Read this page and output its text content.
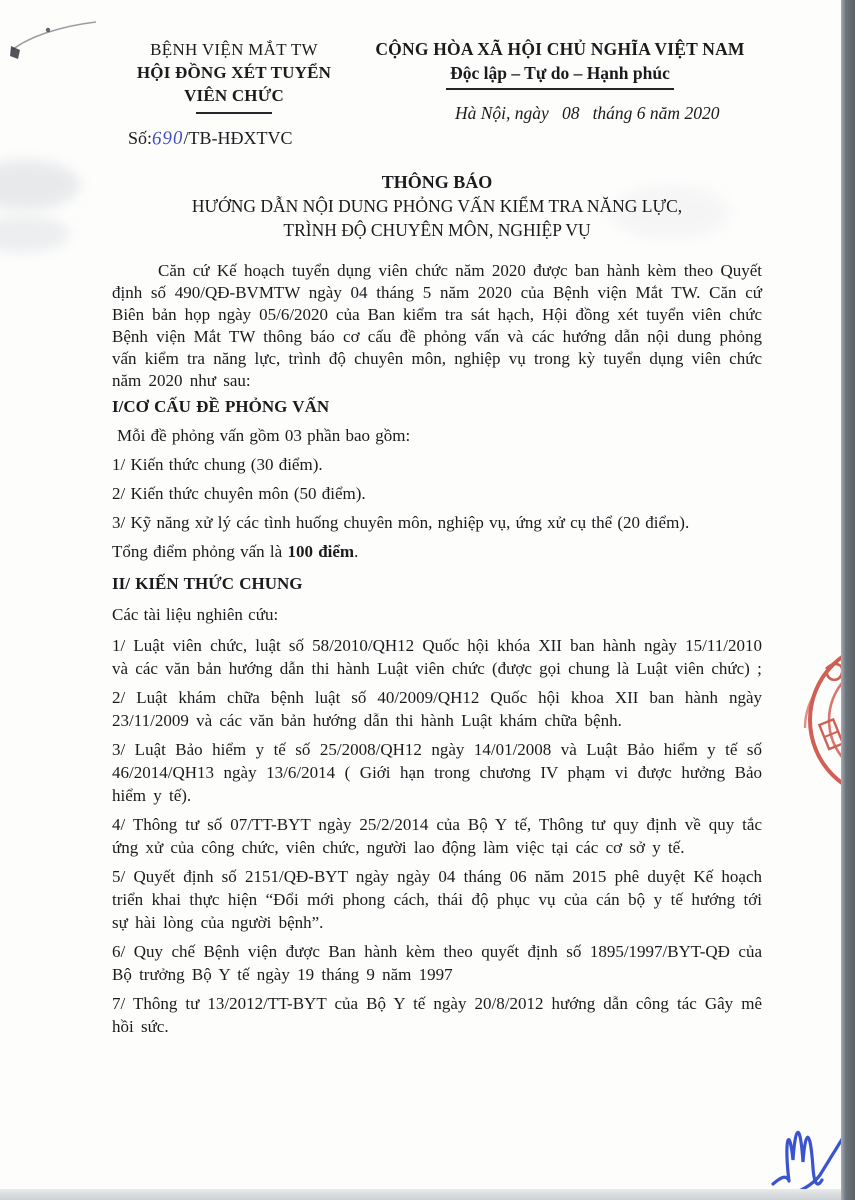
BỆNH VIỆN MẮT TW
HỘI ĐỒNG XÉT TUYỂN
VIÊN CHỨC
Số:690/TB-HĐXTVC
CỘNG HÒA XÃ HỘI CHỦ NGHĨA VIỆT NAM
Độc lập – Tự do – Hạnh phúc
Hà Nội, ngày   08   tháng 6 năm 2020
THÔNG BÁO
HƯỚNG DẪN NỘI DUNG PHỎNG VẤN KIỂM TRA NĂNG LỰC,
TRÌNH ĐỘ CHUYÊN MÔN, NGHIỆP VỤ

Căn cứ Kế hoạch tuyển dụng viên chức năm 2020 được ban hành kèm theo Quyết định số 490/QĐ-BVMTW ngày 04 tháng 5 năm 2020 của Bệnh viện Mắt TW. Căn cứ Biên bản họp ngày 05/6/2020 của Ban kiểm tra sát hạch, Hội đồng xét tuyển viên chức Bệnh viện Mắt TW thông báo cơ cấu đề phỏng vấn và các hướng dẫn nội dung phỏng vấn kiểm tra năng lực, trình độ chuyên môn, nghiệp vụ trong kỳ tuyển dụng viên chức năm 2020 như sau:

I/CƠ CẤU ĐỀ PHỎNG VẤN

Mỗi đề phỏng vấn gồm 03 phần bao gồm:

1/ Kiến thức chung (30 điểm).

2/ Kiến thức chuyên môn (50 điểm).

3/ Kỹ năng xử lý các tình huống chuyên môn, nghiệp vụ, ứng xử cụ thể (20 điểm).

Tổng điểm phỏng vấn là 100 điểm.

II/ KIẾN THỨC CHUNG

Các tài liệu nghiên cứu:

1/ Luật viên chức, luật số 58/2010/QH12 Quốc hội khóa XII ban hành ngày 15/11/2010 và các văn bản hướng dẫn thi hành Luật viên chức (được gọi chung là Luật viên chức) ;

2/ Luật khám chữa bệnh luật số 40/2009/QH12 Quốc hội khoa XII ban hành ngày 23/11/2009 và các văn bản hướng dẫn thi hành Luật khám chữa bệnh.

3/ Luật Bảo hiểm y tế số 25/2008/QH12 ngày 14/01/2008 và Luật Bảo hiểm y tế số 46/2014/QH13 ngày 13/6/2014 ( Giới hạn trong chương IV phạm vi được hưởng Bảo hiểm y tế).

4/ Thông tư số 07/TT-BYT ngày 25/2/2014 của Bộ Y tế, Thông tư quy định về quy tắc ứng xử của công chức, viên chức, người lao động làm việc tại các cơ sở y tế.

5/ Quyết định số 2151/QĐ-BYT ngày ngày 04 tháng 06 năm 2015 phê duyệt Kế hoạch triển khai thực hiện “Đổi mới phong cách, thái độ phục vụ của cán bộ y tế hướng tới sự hài lòng của người bệnh”.

6/ Quy chế Bệnh viện được Ban hành kèm theo quyết định số 1895/1997/BYT-QĐ của Bộ trưởng Bộ Y tế ngày 19 tháng 9 năm 1997

7/ Thông tư 13/2012/TT-BYT của Bộ Y tế ngày 20/8/2012 hướng dẫn công tác Gây mê hồi sức.
